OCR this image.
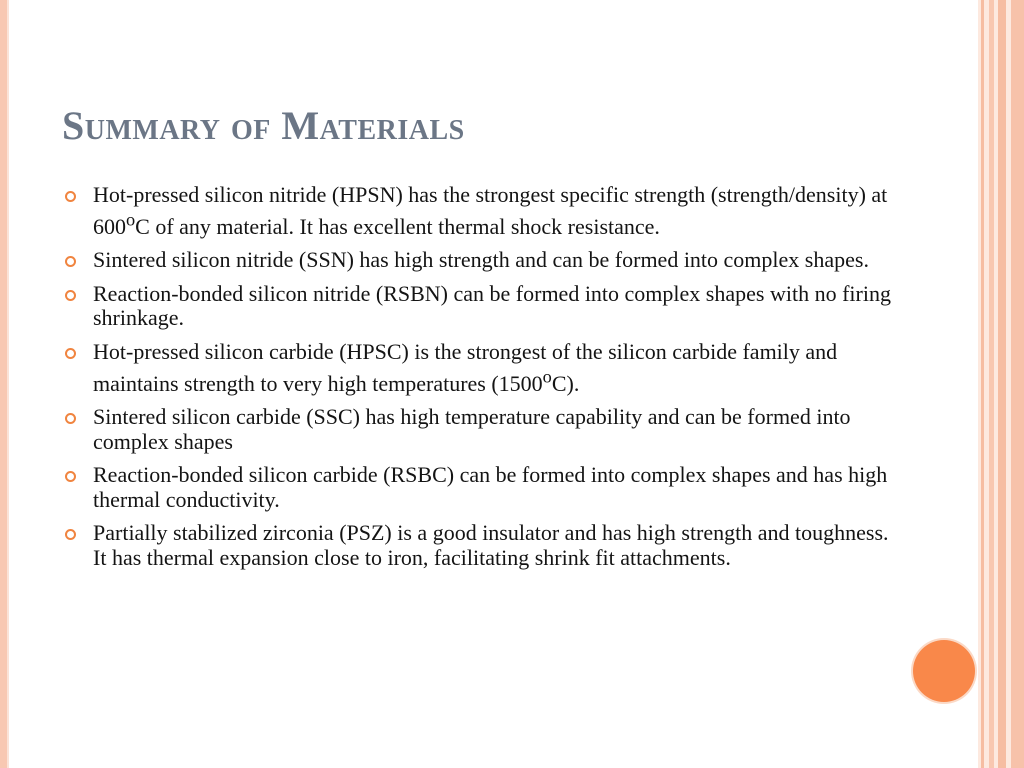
Summary of Materials
Hot-pressed silicon nitride (HPSN) has the strongest specific strength (strength/density) at 600$^o$C of any material. It has excellent thermal shock resistance.
Sintered silicon nitride (SSN) has high strength and can be formed into complex shapes.
Reaction-bonded silicon nitride (RSBN) can be formed into complex shapes with no firing shrinkage.
Hot-pressed silicon carbide (HPSC) is the strongest of the silicon carbide family and maintains strength to very high temperatures (1500$^o$C).
Sintered silicon carbide (SSC) has high temperature capability and can be formed into complex shapes
Reaction-bonded silicon carbide (RSBC) can be formed into complex shapes and has high thermal conductivity.
Partially stabilized zirconia (PSZ) is a good insulator and has high strength and toughness. It has thermal expansion close to iron, facilitating shrink fit attachments.
